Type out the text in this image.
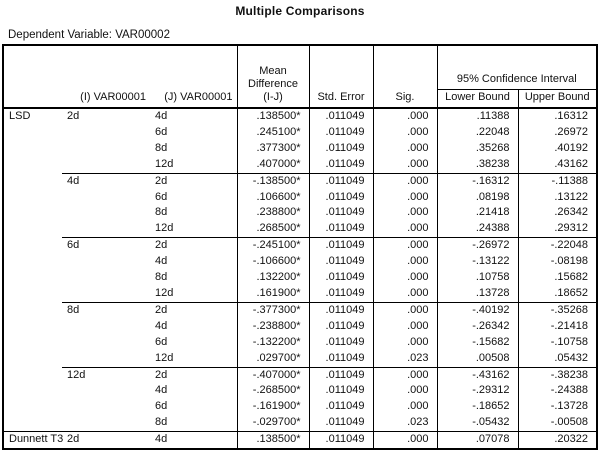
Multiple Comparisons
Dependent Variable: VAR00002
	(I) VAR00001	(J) VAR00001	Mean
Difference
(I-J)	Std. Error	Sig.	95% Confidence Interval	
						Lower Bound	Upper Bound
LSD	2d	4d	.138500*	.011049	.000	.11388	.16312
		6d	.245100*	.011049	.000	.22048	.26972
		8d	.377300*	.011049	.000	.35268	.40192
		12d	.407000*	.011049	.000	.38238	.43162
	4d	2d	-.138500*	.011049	.000	-.16312	-.11388
		6d	.106600*	.011049	.000	.08198	.13122
		8d	.238800*	.011049	.000	.21418	.26342
		12d	.268500*	.011049	.000	.24388	.29312
	6d	2d	-.245100*	.011049	.000	-.26972	-.22048
		4d	-.106600*	.011049	.000	-.13122	-.08198
		8d	.132200*	.011049	.000	.10758	.15682
		12d	.161900*	.011049	.000	.13728	.18652
	8d	2d	-.377300*	.011049	.000	-.40192	-.35268
		4d	-.238800*	.011049	.000	-.26342	-.21418
		6d	-.132200*	.011049	.000	-.15682	-.10758
		12d	.029700*	.011049	.023	.00508	.05432
	12d	2d	-.407000*	.011049	.000	-.43162	-.38238
		4d	-.268500*	.011049	.000	-.29312	-.24388
		6d	-.161900*	.011049	.000	-.18652	-.13728
		8d	-.029700*	.011049	.023	-.05432	-.00508
Dunnett T3	2d	4d	.138500*	.011049	.000	.07078	.20322
